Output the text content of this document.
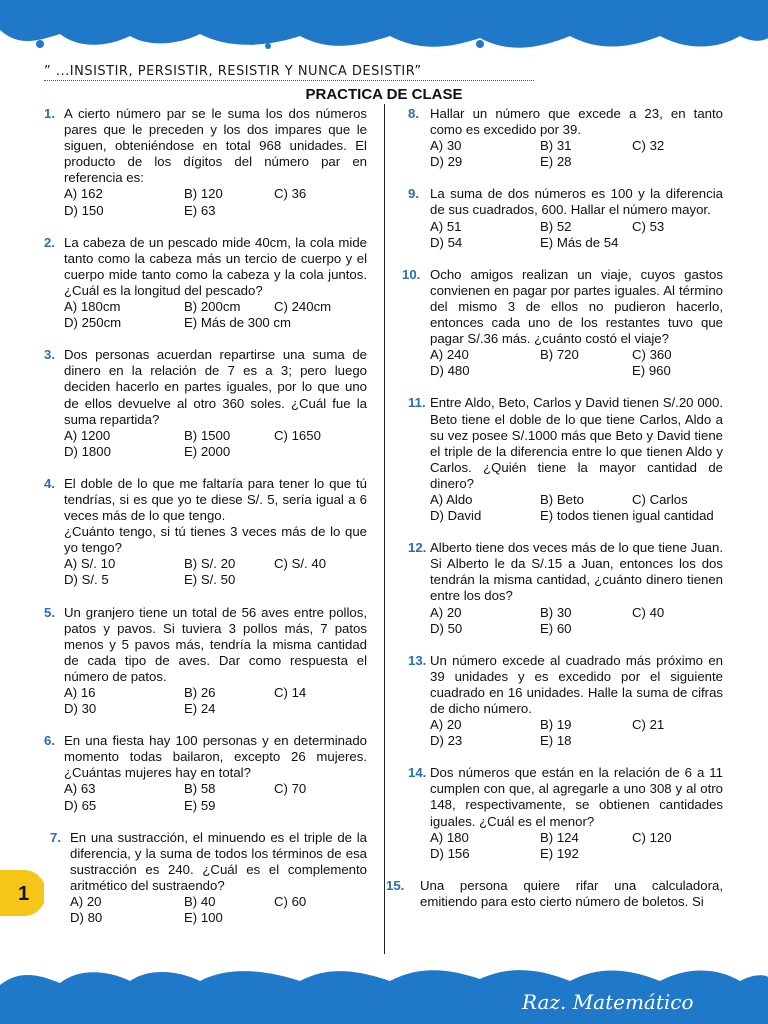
” ...INSISTIR, PERSISTIR, RESISTIR Y NUNCA DESISTIR”
PRACTICA DE CLASE
1. A cierto número par se le suma los dos números pares que le preceden y los dos impares que le siguen, obteniéndose en total 968 unidades. El producto de los dígitos del número par en referencia es:
A) 162	B) 120	C) 36
D) 150	E) 63
2. La cabeza de un pescado mide 40cm, la cola mide tanto como la cabeza más un tercio de cuerpo y el cuerpo mide tanto como la cabeza y la cola juntos. ¿Cuál es la longitud del pescado?
A) 180cm	B) 200cm	C) 240cm
D) 250cm	E) Más de 300 cm
3. Dos personas acuerdan repartirse una suma de dinero en la relación de 7 es a 3; pero luego deciden hacerlo en partes iguales, por lo que uno de ellos devuelve al otro 360 soles. ¿Cuál fue la suma repartida?
A) 1200	B) 1500	C) 1650
D) 1800	E) 2000
4. El doble de lo que me faltaría para tener lo que tú tendrías, si es que yo te diese S/. 5, sería igual a 6 veces más de lo que tengo.
¿Cuánto tengo, si tú tienes 3 veces más de lo que yo tengo?
A) S/. 10	B) S/. 20	C) S/. 40
D) S/. 5	E) S/. 50
5. Un granjero tiene un total de 56 aves entre pollos, patos y pavos. Si tuviera 3 pollos más, 7 patos menos y 5 pavos más, tendría la misma cantidad de cada tipo de aves. Dar como respuesta el número de patos.
A) 16	B) 26	C) 14
D) 30	E) 24
6. En una fiesta hay 100 personas y en determinado momento todas bailaron, excepto 26 mujeres. ¿Cuántas mujeres hay en total?
A) 63	B) 58	C) 70
D) 65	E) 59
7. En una sustracción, el minuendo es el triple de la diferencia, y la suma de todos los términos de esa sustracción es 240. ¿Cuál es el complemento aritmético del sustraendo?
A) 20	B) 40	C) 60
D) 80	E) 100
8. Hallar un número que excede a 23, en tanto como es excedido por 39.
A) 30	B) 31	C) 32
D) 29	E) 28
9. La suma de dos números es 100 y la diferencia de sus cuadrados, 600. Hallar el número mayor.
A) 51	B) 52	C) 53
D) 54	E) Más de 54
10. Ocho amigos realizan un viaje, cuyos gastos convienen en pagar por partes iguales. Al término del mismo 3 de ellos no pudieron hacerlo, entonces cada uno de los restantes tuvo que pagar S/.36 más. ¿cuánto costó el viaje?
A) 240	B) 720	C) 360
D) 480	E) 960
11. Entre Aldo, Beto, Carlos y David tienen S/.20 000. Beto tiene el doble de lo que tiene Carlos, Aldo a su vez posee S/.1000 más que Beto y David tiene el triple de la diferencia entre lo que tienen Aldo y Carlos. ¿Quién tiene la mayor cantidad de dinero?
A) Aldo	B) Beto	C) Carlos
D) David	E) todos tienen igual cantidad
12. Alberto tiene dos veces más de lo que tiene Juan. Si Alberto le da S/.15 a Juan, entonces los dos tendrán la misma cantidad, ¿cuánto dinero tienen entre los dos?
A) 20	B) 30	C) 40
D) 50	E) 60
13. Un número excede al cuadrado más próximo en 39 unidades y es excedido por el siguiente cuadrado en 16 unidades. Halle la suma de cifras de dicho número.
A) 20	B) 19	C) 21
D) 23	E) 18
14. Dos números que están en la relación de 6 a 11 cumplen con que, al agregarle a uno 308 y al otro 148, respectivamente, se obtienen cantidades iguales. ¿Cuál es el menor?
A) 180	B) 124	C) 120
D) 156	E) 192
15.	Una persona quiere rifar una calculadora, emitiendo para esto cierto número de boletos. Si
1
Raz. Matemático
